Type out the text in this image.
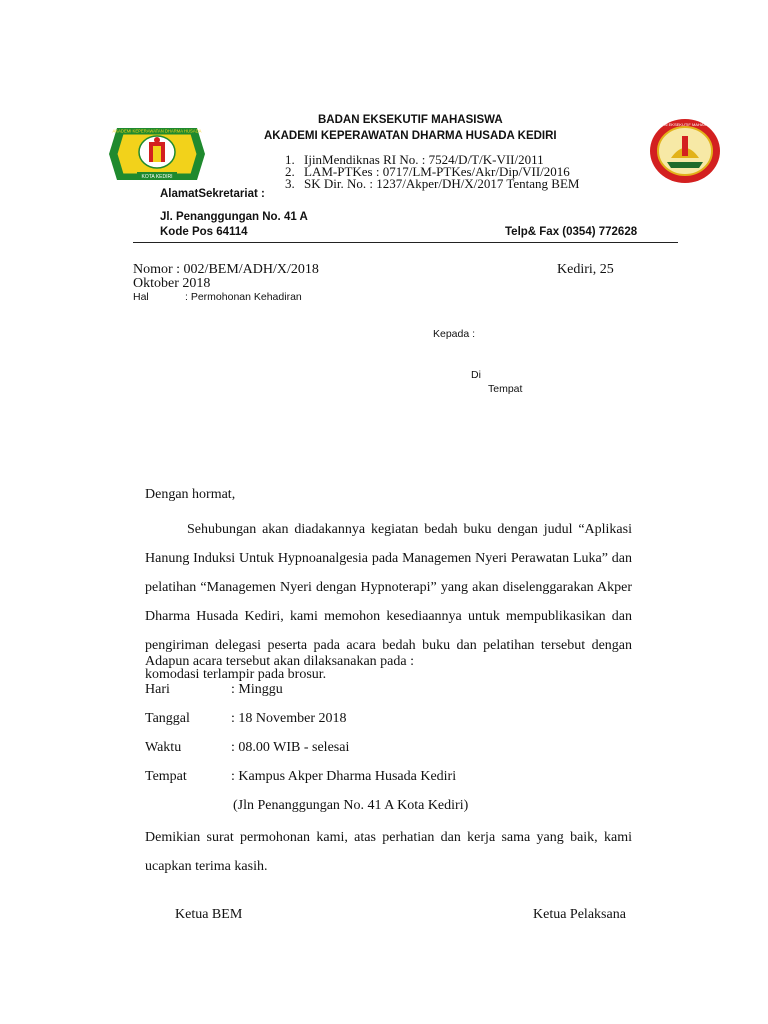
KOTA KEDIRI
AKADEMI KEPERAWATAN DHARMA HUSADA
BADAN EKSEKUTIF MAHASISWA
BADAN EKSEKUTIF MAHASISWA
AKADEMI KEPERAWATAN DHARMA HUSADA KEDIRI
1. IjinMendiknas RI No. : 7524/D/T/K-VII/2011
2. LAM-PTKes : 0717/LM-PTKes/Akr/Dip/VII/2016
3. SK Dir. No. : 1237/Akper/DH/X/2017 Tentang BEM
AlamatSekretariat :
Jl. Penanggungan No. 41 A
Kode Pos 64114	Telp& Fax (0354) 772628
Nomor : 002/BEM/ADH/X/2018	Kediri, 25
Oktober 2018
Hal	: Permohonan Kehadiran
Kepada :
Di
Tempat
Dengan hormat,
Sehubungan akan diadakannya kegiatan bedah buku dengan judul “Aplikasi
Hanung Induksi Untuk Hypnoanalgesia pada Managemen Nyeri Perawatan Luka” dan
pelatihan “Managemen Nyeri dengan Hypnoterapi” yang akan diselenggarakan Akper
Dharma Husada Kediri, kami memohon kesediaannya untuk mempublikasikan dan
pengiriman delegasi peserta pada acara bedah buku dan pelatihan tersebut dengan
komodasi terlampir pada brosur.
Adapun acara tersebut akan dilaksanakan pada :
Hari	: Minggu
Tanggal	: 18 November 2018
Waktu	: 08.00 WIB - selesai
Tempat	: Kampus Akper Dharma Husada Kediri
(Jln Penanggungan No. 41 A Kota Kediri)
Demikian surat permohonan kami, atas perhatian dan kerja sama yang baik, kami
ucapkan terima kasih.
Ketua BEM	Ketua Pelaksana
